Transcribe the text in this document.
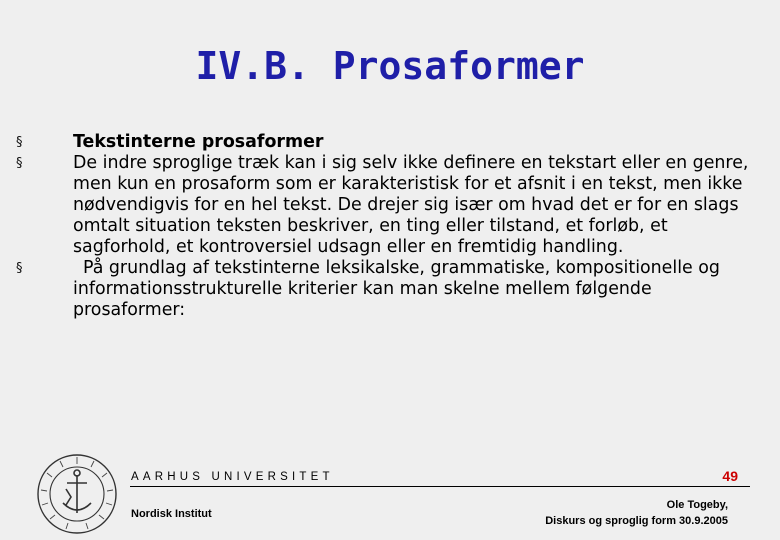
IV.B. Prosaformer
§	Tekstinterne prosaformer
§	De indre sproglige træk kan i sig selv ikke definere en tekstart eller en genre, men kun en prosaform som er karakteristisk for et afsnit i en tekst, men ikke nødvendigvis for en hel tekst. De drejer sig især om hvad det er for en slags omtalt situation teksten beskriver, en ting eller tilstand, et forløb, et sagforhold, et kontroversiel udsagn eller en fremtidig handling.
§	På grundlag af tekstinterne leksikalske, grammatiske, kompositionelle og informationsstrukturelle kriterier kan man skelne mellem følgende prosaformer:
AARHUS UNIVERSITET
Nordisk Institut
49
Ole Togeby,
Diskurs og sproglig form 30.9.2005
